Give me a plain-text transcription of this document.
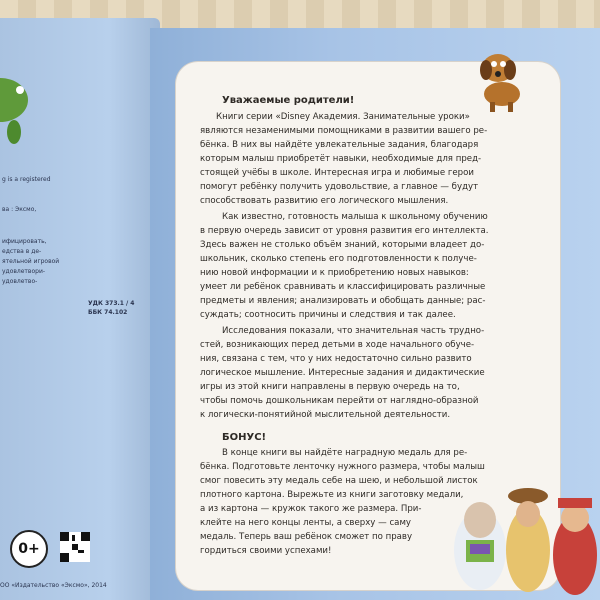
g is a registered
ва : Эксмо,
ифицировать,
едства в де-
ятельной игровой
удовлетвори-
удовлетво-
УДК 373.1 / 4
ББК 74.102
0+
ОО «Издательство «Эксмо», 2014
Уважаемые родители!
Книги серии «Disney Академия. Занимательные уроки»
являются незаменимыми помощниками в развитии вашего ре-
бёнка. В них вы найдёте увлекательные задания, благодаря
которым малыш приобретёт навыки, необходимые для пред-
стоящей учёбы в школе. Интересная игра и любимые герои
помогут ребёнку получить удовольствие, а главное — будут
способствовать развитию его логического мышления.
Как известно, готовность малыша к школьному обучению
в первую очередь зависит от уровня развития его интеллекта.
Здесь важен не столько объём знаний, которыми владеет до-
школьник, сколько степень его подготовленности к получе-
нию новой информации и к приобретению новых навыков:
умеет ли ребёнок сравнивать и классифицировать различные
предметы и явления; анализировать и обобщать данные; рас-
суждать; соотносить причины и следствия и так далее.
Исследования показали, что значительная часть трудно-
стей, возникающих перед детьми в ходе начального обуче-
ния, связана с тем, что у них недостаточно сильно развито
логическое мышление. Интересные задания и дидактические
игры из этой книги направлены в первую очередь на то,
чтобы помочь дошкольникам перейти от наглядно-образной
к логически-понятийной мыслительной деятельности.
БОНУС!
В конце книги вы найдёте наградную медаль для ре-
бёнка. Подготовьте ленточку нужного размера, чтобы малыш
смог повесить эту медаль себе на шею, и небольшой листок
плотного картона. Вырежьте из книги заготовку медали,
а из картона — кружок такого же размера. При-
клейте на него концы ленты, а сверху — саму
медаль. Теперь ваш ребёнок сможет по праву
гордиться своими успехами!
